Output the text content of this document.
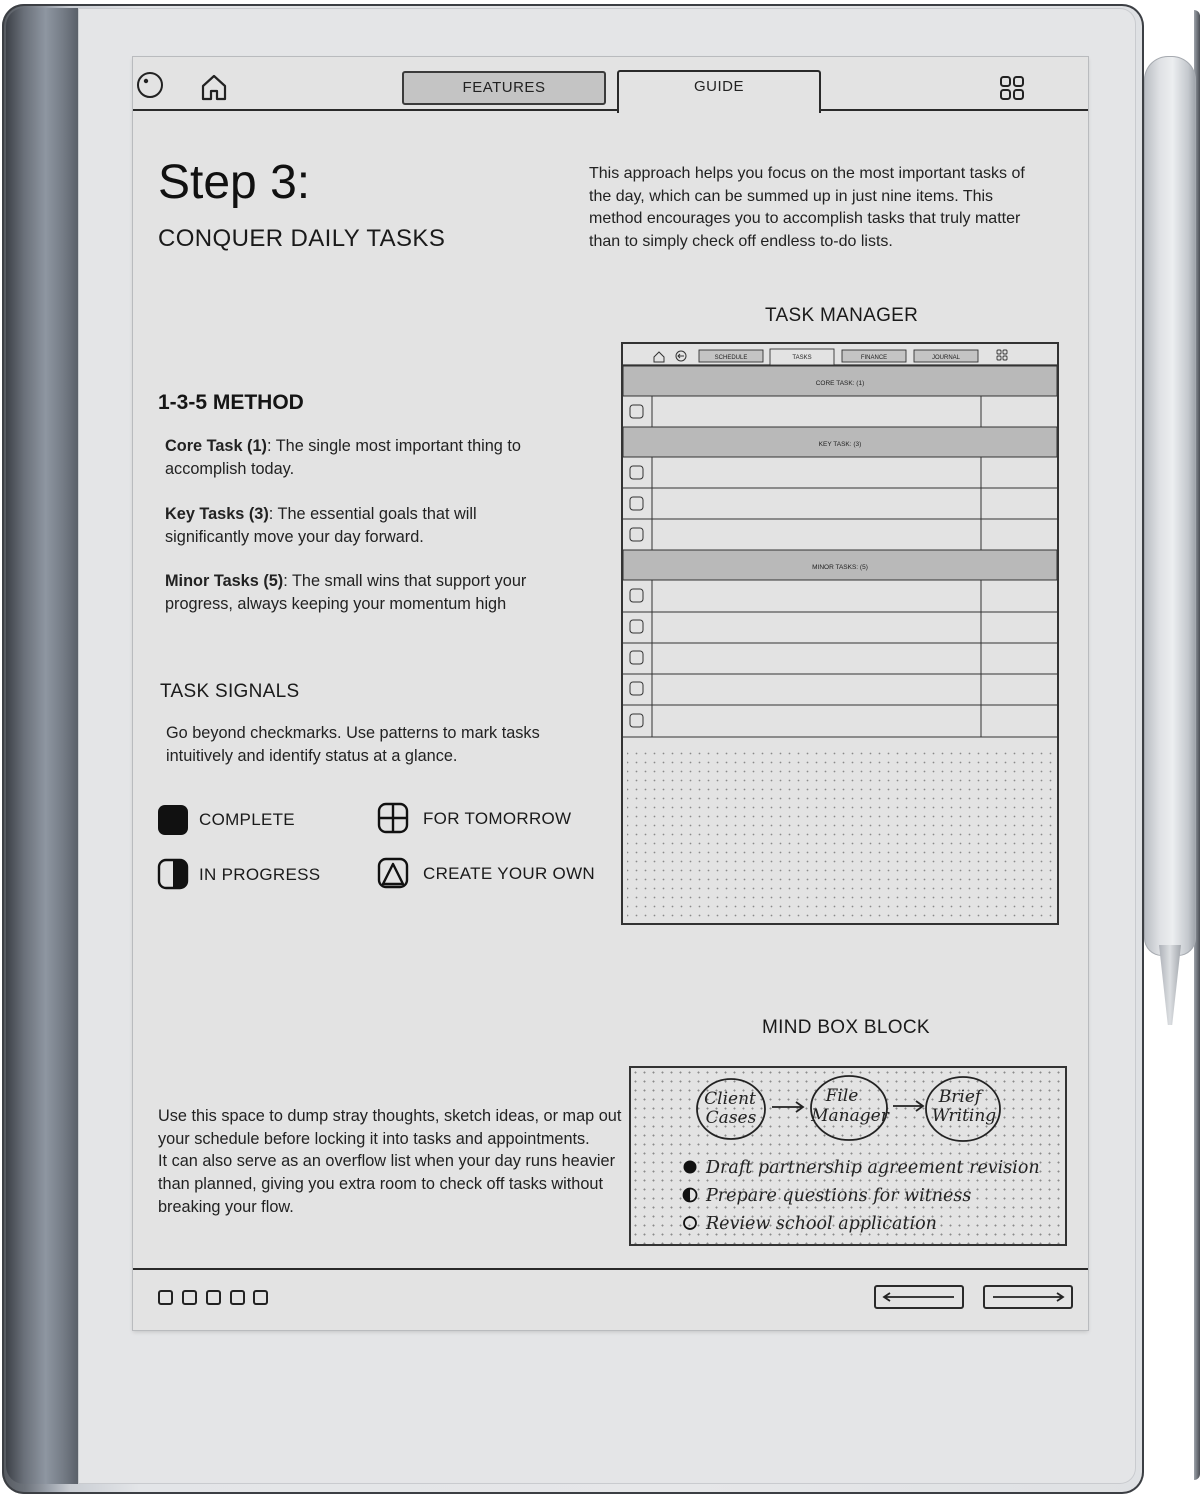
FEATURES	GUIDE
Step 3:
CONQUER DAILY TASKS
This approach helps you focus on the most important tasks of the day, which can be summed up in just nine items. This method encourages you to accomplish tasks that truly matter than to simply check off endless to-do lists.
1-3-5 METHOD
Core Task (1): The single most important thing to accomplish today.
Key Tasks (3): The essential goals that will significantly move your day forward.
Minor Tasks (5): The small wins that support your progress, always keeping your momentum high
TASK SIGNALS
Go beyond checkmarks. Use patterns to mark tasks intuitively and identify status at a glance.
COMPLETE	FOR TOMORROW
IN PROGRESS	CREATE YOUR OWN
TASK MANAGER
SCHEDULE	TASKS	FINANCE	JOURNAL
CORE TASK: (1)
KEY TASK: (3)
MINOR TASKS: (5)
MIND BOX BLOCK

Use this space to dump stray thoughts, sketch ideas, or map out your schedule before locking it into tasks and appointments.

It can also serve as an overflow list when your day runs heavier than planned, giving you extra room to check off tasks without breaking your flow.

Client
Cases
File
Manager
Brief
Writing
Draft partnership agreement revision
Prepare questions for witness
Review school application
